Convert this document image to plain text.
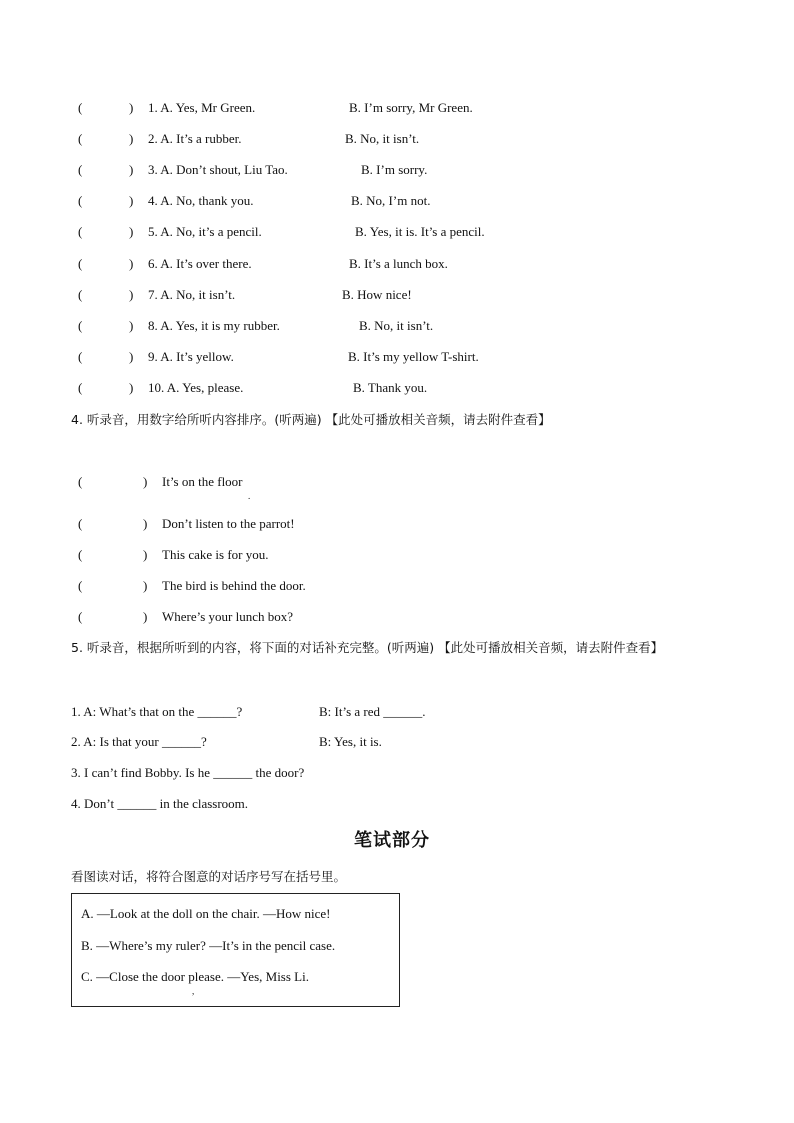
(	) 1. A. Yes, Mr Green.	B. I’m sorry, Mr Green.
(	) 2. A. It’s a rubber.	B. No, it isn’t.
(	) 3. A. Don’t shout, Liu Tao.	B. I’m sorry.
(	) 4. A. No, thank you.	B. No, I’m not.
(	) 5. A. No, it’s a pencil.	B. Yes, it is. It’s a pencil.
(	) 6. A. It’s over there.	B. It’s a lunch box.
(	) 7. A. No, it isn’t.	B. How nice!
(	) 8. A. Yes, it is my rubber.	B. No, it isn’t.
(	) 9. A. It’s yellow.	B. It’s my yellow T-shirt.
(	) 10. A. Yes, please.	B. Thank you.
4. 听录音，用数字给所听内容排序。(听两遍) 【此处可播放相关音频，请去附件查看】
(	) It’s on the floor
(	) Don’t listen to the parrot!
(	) This cake is for you.
(	) The bird is behind the door.
(	) Where’s your lunch box?
.
5. 听录音，根据所听到的内容，将下面的对话补充完整。(听两遍) 【此处可播放相关音频，请去附件查看】
1. A: What’s that on the ______?	B: It’s a red ______.
2. A: Is that your ______?	B: Yes, it is.
3. I can’t find Bobby. Is he ______ the door?
4. Don’t ______ in the classroom.
笔试部分
看图读对话，将符合图意的对话序号写在括号里。
A. —Look at the doll on the chair. —How nice!
B. —Where’s my ruler? —It’s in the pencil case.
C. —Close the door please. —Yes, Miss Li.
,
